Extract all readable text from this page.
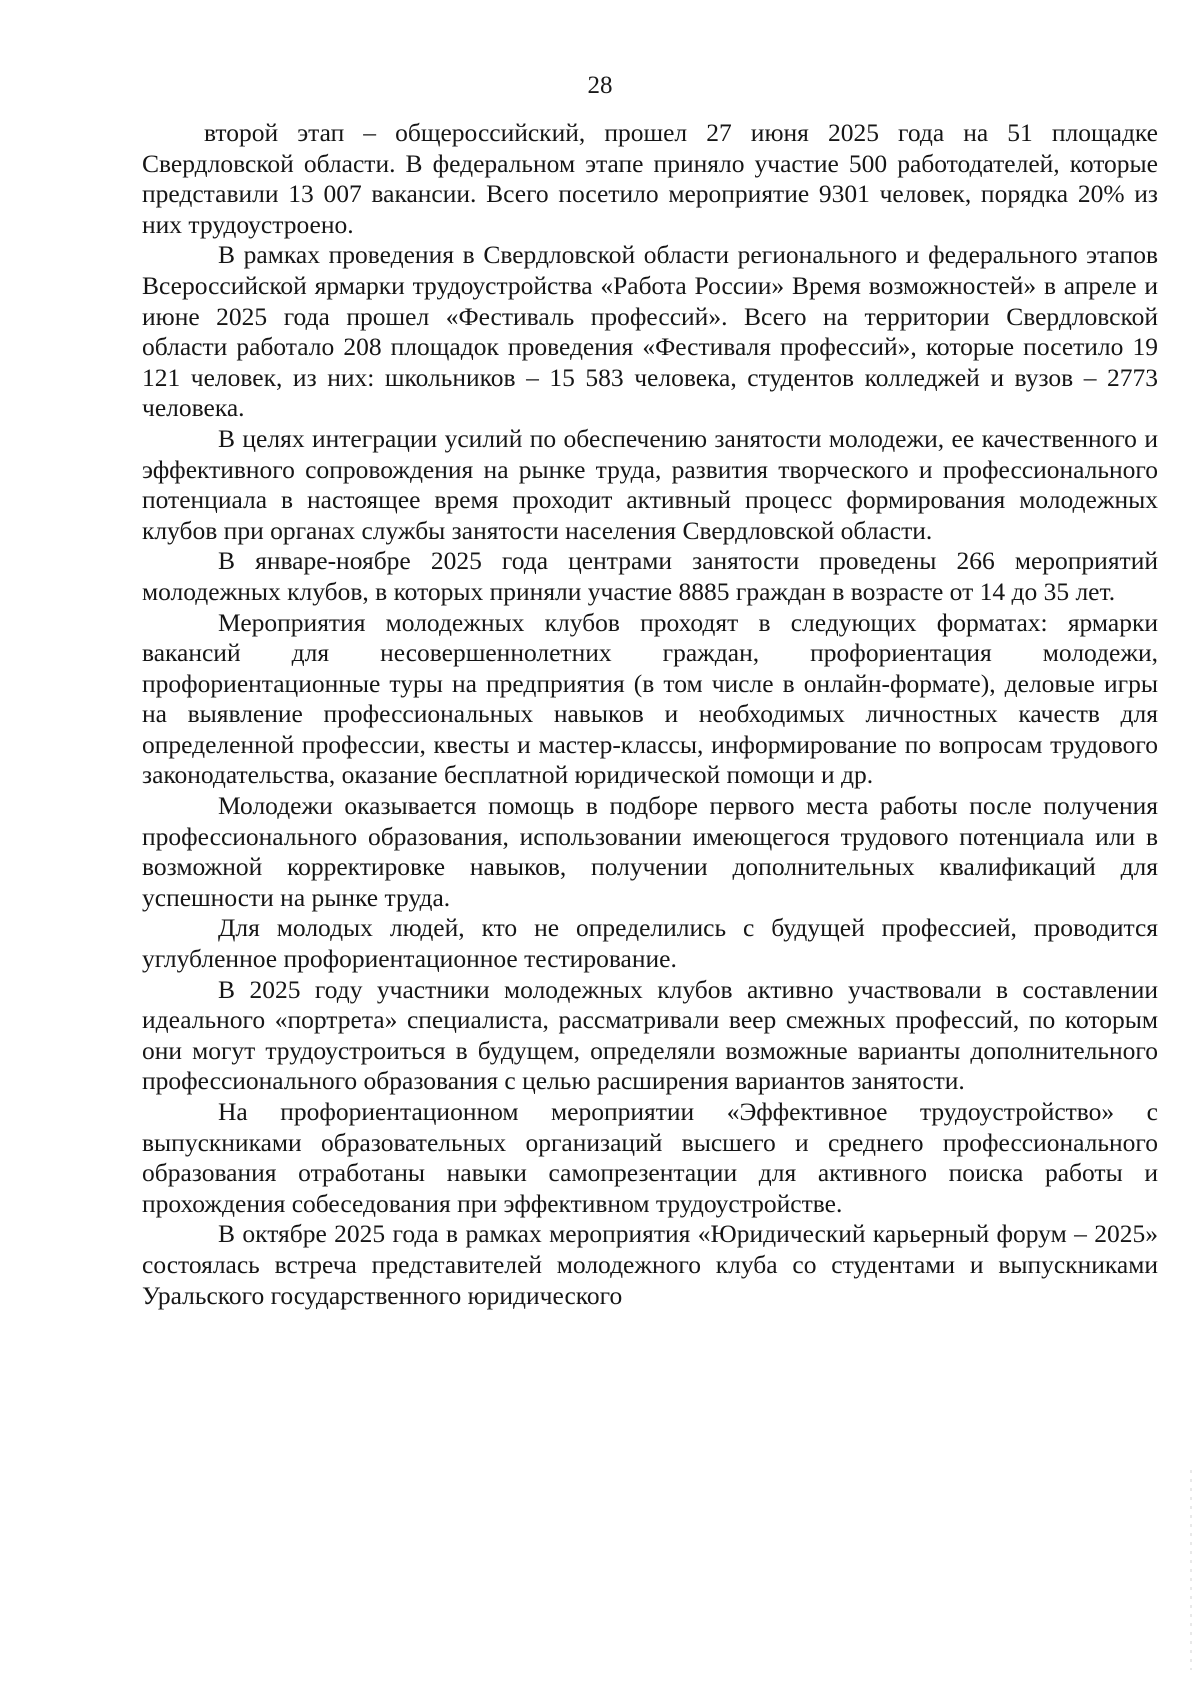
28

второй этап – общероссийский, прошел 27 июня 2025 года на 51 площадке Свердловской области. В федеральном этапе приняло участие 500 работодателей, которые представили 13 007 вакансии. Всего посетило мероприятие 9301 человек, порядка 20% из них трудоустроено.

В рамках проведения в Свердловской области регионального и федерального этапов Всероссийской ярмарки трудоустройства «Работа России» Время возможностей» в апреле и июне 2025 года прошел «Фестиваль профессий». Всего на территории Свердловской области работало 208 площадок проведения «Фестиваля профессий», которые посетило 19 121 человек, из них: школьников – 15 583 человека, студентов колледжей и вузов – 2773 человека.

В целях интеграции усилий по обеспечению занятости молодежи, ее качественного и эффективного сопровождения на рынке труда, развития творческого и профессионального потенциала в настоящее время проходит активный процесс формирования молодежных клубов при органах службы занятости населения Свердловской области.

В январе-ноябре 2025 года центрами занятости проведены 266 мероприятий молодежных клубов, в которых приняли участие 8885 граждан в возрасте от 14 до 35 лет.

Мероприятия молодежных клубов проходят в следующих форматах: ярмарки вакансий для несовершеннолетних граждан, профориентация молодежи, профориентационные туры на предприятия (в том числе в онлайн-формате), деловые игры на выявление профессиональных навыков и необходимых личностных качеств для определенной профессии, квесты и мастер-классы, информирование по вопросам трудового законодательства, оказание бесплатной юридической помощи и др.

Молодежи оказывается помощь в подборе первого места работы после получения профессионального образования, использовании имеющегося трудового потенциала или в возможной корректировке навыков, получении дополнительных квалификаций для успешности на рынке труда.

Для молодых людей, кто не определились с будущей профессией, проводится углубленное профориентационное тестирование.

В 2025 году участники молодежных клубов активно участвовали в составлении идеального «портрета» специалиста, рассматривали веер смежных профессий, по которым они могут трудоустроиться в будущем, определяли возможные варианты дополнительного профессионального образования с целью расширения вариантов занятости.

На профориентационном мероприятии «Эффективное трудоустройство» с выпускниками образовательных организаций высшего и среднего профессионального образования отработаны навыки самопрезентации для активного поиска работы и прохождения собеседования при эффективном трудоустройстве.

В октябре 2025 года в рамках мероприятия «Юридический карьерный форум – 2025» состоялась встреча представителей молодежного клуба со студентами и выпускниками Уральского государственного юридического
